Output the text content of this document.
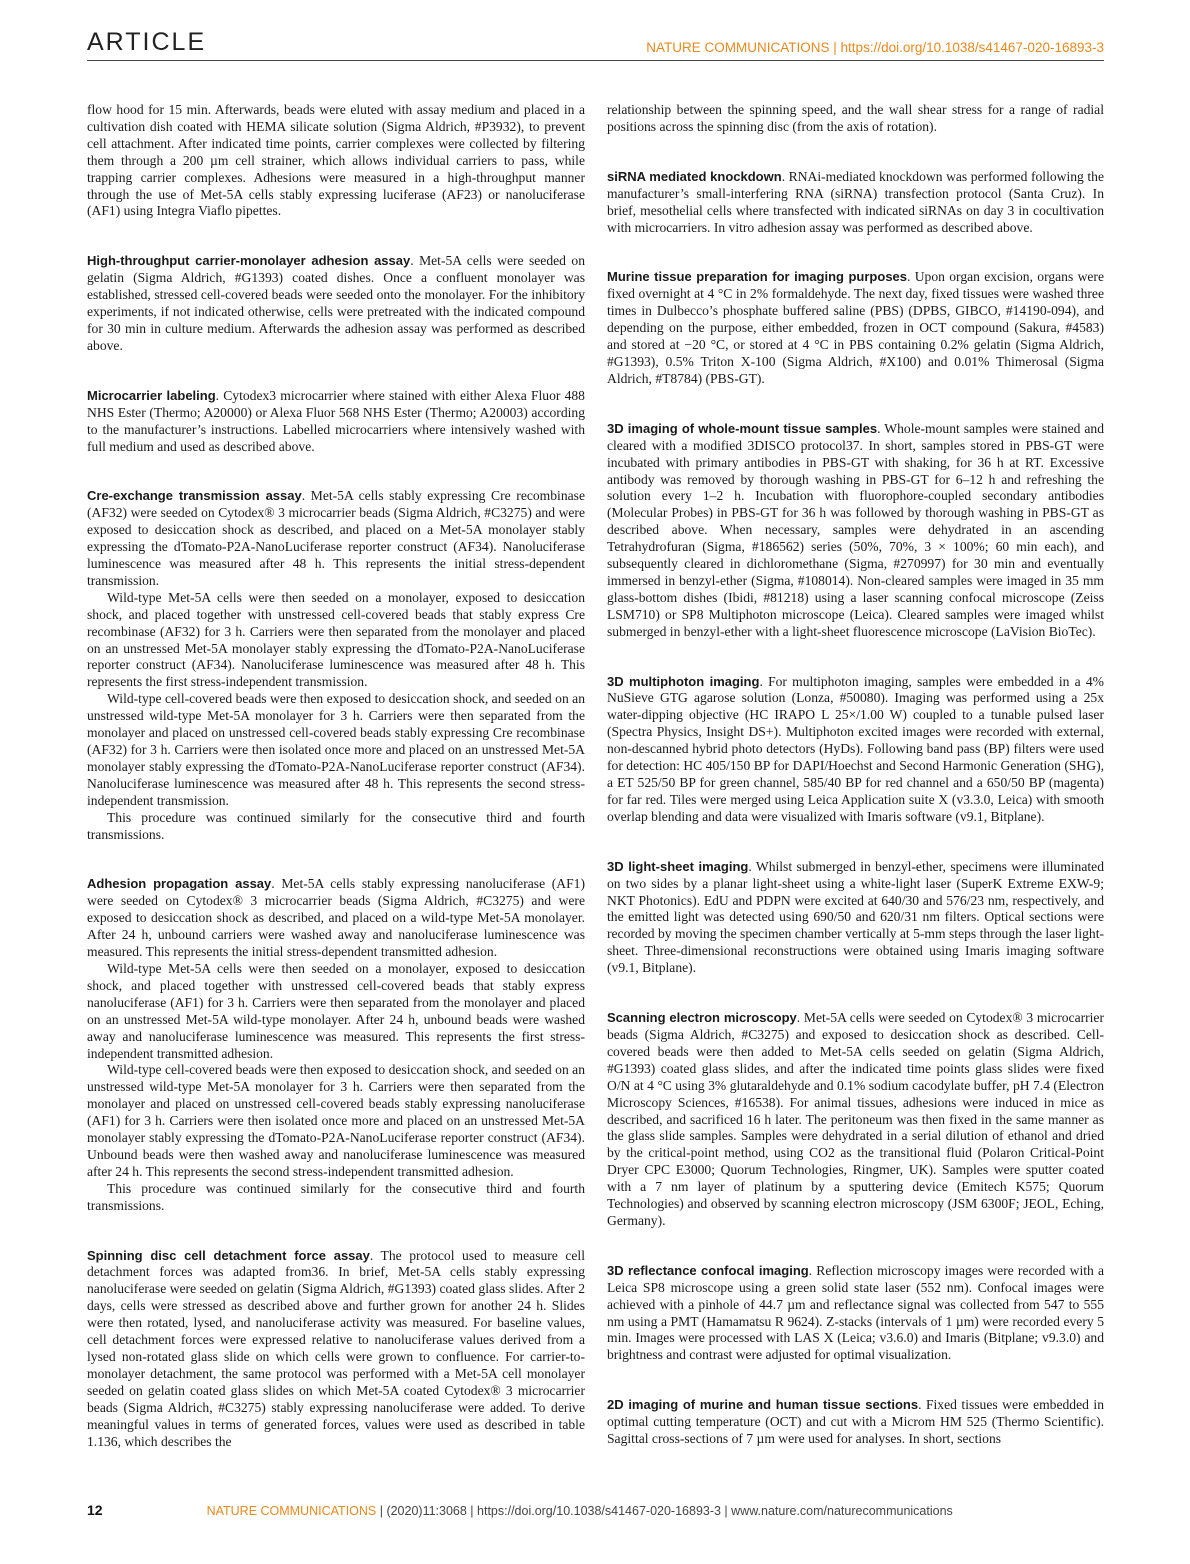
ARTICLE	NATURE COMMUNICATIONS | https://doi.org/10.1038/s41467-020-16893-3

flow hood for 15 min. Afterwards, beads were eluted with assay medium and placed in a cultivation dish coated with HEMA silicate solution (Sigma Aldrich, #P3932), to prevent cell attachment. After indicated time points, carrier complexes were collected by filtering them through a 200 µm cell strainer, which allows individual carriers to pass, while trapping carrier complexes. Adhesions were measured in a high-throughput manner through the use of Met-5A cells stably expressing luciferase (AF23) or nanoluciferase (AF1) using Integra Viaflo pipettes.

High-throughput carrier-monolayer adhesion assay. Met-5A cells were seeded on gelatin (Sigma Aldrich, #G1393) coated dishes. Once a confluent monolayer was established, stressed cell-covered beads were seeded onto the monolayer. For the inhibitory experiments, if not indicated otherwise, cells were pretreated with the indicated compound for 30 min in culture medium. Afterwards the adhesion assay was performed as described above.

Microcarrier labeling. Cytodex3 microcarrier where stained with either Alexa Fluor 488 NHS Ester (Thermo; A20000) or Alexa Fluor 568 NHS Ester (Thermo; A20003) according to the manufacturer’s instructions. Labelled microcarriers where intensively washed with full medium and used as described above.

Cre-exchange transmission assay. Met-5A cells stably expressing Cre recombinase (AF32) were seeded on Cytodex® 3 microcarrier beads (Sigma Aldrich, #C3275) and were exposed to desiccation shock as described, and placed on a Met-5A monolayer stably expressing the dTomato-P2A-NanoLuciferase reporter construct (AF34). Nanoluciferase luminescence was measured after 48 h. This represents the initial stress-dependent transmission.

Wild-type Met-5A cells were then seeded on a monolayer, exposed to desiccation shock, and placed together with unstressed cell-covered beads that stably express Cre recombinase (AF32) for 3 h. Carriers were then separated from the monolayer and placed on an unstressed Met-5A monolayer stably expressing the dTomato-P2A-NanoLuciferase reporter construct (AF34). Nanoluciferase luminescence was measured after 48 h. This represents the first stress-independent transmission.

Wild-type cell-covered beads were then exposed to desiccation shock, and seeded on an unstressed wild-type Met-5A monolayer for 3 h. Carriers were then separated from the monolayer and placed on unstressed cell-covered beads stably expressing Cre recombinase (AF32) for 3 h. Carriers were then isolated once more and placed on an unstressed Met-5A monolayer stably expressing the dTomato-P2A-NanoLuciferase reporter construct (AF34). Nanoluciferase luminescence was measured after 48 h. This represents the second stress-independent transmission.

This procedure was continued similarly for the consecutive third and fourth transmissions.

Adhesion propagation assay. Met-5A cells stably expressing nanoluciferase (AF1) were seeded on Cytodex® 3 microcarrier beads (Sigma Aldrich, #C3275) and were exposed to desiccation shock as described, and placed on a wild-type Met-5A monolayer. After 24 h, unbound carriers were washed away and nanoluciferase luminescence was measured. This represents the initial stress-dependent transmitted adhesion.

Wild-type Met-5A cells were then seeded on a monolayer, exposed to desiccation shock, and placed together with unstressed cell-covered beads that stably express nanoluciferase (AF1) for 3 h. Carriers were then separated from the monolayer and placed on an unstressed Met-5A wild-type monolayer. After 24 h, unbound beads were washed away and nanoluciferase luminescence was measured. This represents the first stress-independent transmitted adhesion.

Wild-type cell-covered beads were then exposed to desiccation shock, and seeded on an unstressed wild-type Met-5A monolayer for 3 h. Carriers were then separated from the monolayer and placed on unstressed cell-covered beads stably expressing nanoluciferase (AF1) for 3 h. Carriers were then isolated once more and placed on an unstressed Met-5A monolayer stably expressing the dTomato-P2A-NanoLuciferase reporter construct (AF34). Unbound beads were then washed away and nanoluciferase luminescence was measured after 24 h. This represents the second stress-independent transmitted adhesion.

This procedure was continued similarly for the consecutive third and fourth transmissions.

Spinning disc cell detachment force assay. The protocol used to measure cell detachment forces was adapted from36. In brief, Met-5A cells stably expressing nanoluciferase were seeded on gelatin (Sigma Aldrich, #G1393) coated glass slides. After 2 days, cells were stressed as described above and further grown for another 24 h. Slides were then rotated, lysed, and nanoluciferase activity was measured. For baseline values, cell detachment forces were expressed relative to nanoluciferase values derived from a lysed non-rotated glass slide on which cells were grown to confluence. For carrier-to-monolayer detachment, the same protocol was performed with a Met-5A cell monolayer seeded on gelatin coated glass slides on which Met-5A coated Cytodex® 3 microcarrier beads (Sigma Aldrich, #C3275) stably expressing nanoluciferase were added. To derive meaningful values in terms of generated forces, values were used as described in table 1.136, which describes the

relationship between the spinning speed, and the wall shear stress for a range of radial positions across the spinning disc (from the axis of rotation).

siRNA mediated knockdown. RNAi-mediated knockdown was performed following the manufacturer’s small-interfering RNA (siRNA) transfection protocol (Santa Cruz). In brief, mesothelial cells where transfected with indicated siRNAs on day 3 in cocultivation with microcarriers. In vitro adhesion assay was performed as described above.

Murine tissue preparation for imaging purposes. Upon organ excision, organs were fixed overnight at 4 °C in 2% formaldehyde. The next day, fixed tissues were washed three times in Dulbecco’s phosphate buffered saline (PBS) (DPBS, GIBCO, #14190-094), and depending on the purpose, either embedded, frozen in OCT compound (Sakura, #4583) and stored at −20 °C, or stored at 4 °C in PBS containing 0.2% gelatin (Sigma Aldrich, #G1393), 0.5% Triton X-100 (Sigma Aldrich, #X100) and 0.01% Thimerosal (Sigma Aldrich, #T8784) (PBS-GT).

3D imaging of whole-mount tissue samples. Whole-mount samples were stained and cleared with a modified 3DISCO protocol37. In short, samples stored in PBS-GT were incubated with primary antibodies in PBS-GT with shaking, for 36 h at RT. Excessive antibody was removed by thorough washing in PBS-GT for 6–12 h and refreshing the solution every 1–2 h. Incubation with fluorophore-coupled secondary antibodies (Molecular Probes) in PBS-GT for 36 h was followed by thorough washing in PBS-GT as described above. When necessary, samples were dehydrated in an ascending Tetrahydrofuran (Sigma, #186562) series (50%, 70%, 3 × 100%; 60 min each), and subsequently cleared in dichloromethane (Sigma, #270997) for 30 min and eventually immersed in benzyl-ether (Sigma, #108014). Non-cleared samples were imaged in 35 mm glass-bottom dishes (Ibidi, #81218) using a laser scanning confocal microscope (Zeiss LSM710) or SP8 Multiphoton microscope (Leica). Cleared samples were imaged whilst submerged in benzyl-ether with a light-sheet fluorescence microscope (LaVision BioTec).

3D multiphoton imaging. For multiphoton imaging, samples were embedded in a 4% NuSieve GTG agarose solution (Lonza, #50080). Imaging was performed using a 25x water-dipping objective (HC IRAPO L 25×/1.00 W) coupled to a tunable pulsed laser (Spectra Physics, Insight DS+). Multiphoton excited images were recorded with external, non-descanned hybrid photo detectors (HyDs). Following band pass (BP) filters were used for detection: HC 405/150 BP for DAPI/Hoechst and Second Harmonic Generation (SHG), a ET 525/50 BP for green channel, 585/40 BP for red channel and a 650/50 BP (magenta) for far red. Tiles were merged using Leica Application suite X (v3.3.0, Leica) with smooth overlap blending and data were visualized with Imaris software (v9.1, Bitplane).

3D light-sheet imaging. Whilst submerged in benzyl-ether, specimens were illuminated on two sides by a planar light-sheet using a white-light laser (SuperK Extreme EXW-9; NKT Photonics). EdU and PDPN were excited at 640/30 and 576/23 nm, respectively, and the emitted light was detected using 690/50 and 620/31 nm filters. Optical sections were recorded by moving the specimen chamber vertically at 5-mm steps through the laser light-sheet. Three-dimensional reconstructions were obtained using Imaris imaging software (v9.1, Bitplane).

Scanning electron microscopy. Met-5A cells were seeded on Cytodex® 3 microcarrier beads (Sigma Aldrich, #C3275) and exposed to desiccation shock as described. Cell-covered beads were then added to Met-5A cells seeded on gelatin (Sigma Aldrich, #G1393) coated glass slides, and after the indicated time points glass slides were fixed O/N at 4 °C using 3% glutaraldehyde and 0.1% sodium cacodylate buffer, pH 7.4 (Electron Microscopy Sciences, #16538). For animal tissues, adhesions were induced in mice as described, and sacrificed 16 h later. The peritoneum was then fixed in the same manner as the glass slide samples. Samples were dehydrated in a serial dilution of ethanol and dried by the critical-point method, using CO2 as the transitional fluid (Polaron Critical-Point Dryer CPC E3000; Quorum Technologies, Ringmer, UK). Samples were sputter coated with a 7 nm layer of platinum by a sputtering device (Emitech K575; Quorum Technologies) and observed by scanning electron microscopy (JSM 6300F; JEOL, Eching, Germany).

3D reflectance confocal imaging. Reflection microscopy images were recorded with a Leica SP8 microscope using a green solid state laser (552 nm). Confocal images were achieved with a pinhole of 44.7 µm and reflectance signal was collected from 547 to 555 nm using a PMT (Hamamatsu R 9624). Z-stacks (intervals of 1 µm) were recorded every 5 min. Images were processed with LAS X (Leica; v3.6.0) and Imaris (Bitplane; v9.3.0) and brightness and contrast were adjusted for optimal visualization.

2D imaging of murine and human tissue sections. Fixed tissues were embedded in optimal cutting temperature (OCT) and cut with a Microm HM 525 (Thermo Scientific). Sagittal cross-sections of 7 µm were used for analyses. In short, sections

12	NATURE COMMUNICATIONS | (2020)11:3068 | https://doi.org/10.1038/s41467-020-16893-3 | www.nature.com/naturecommunications
